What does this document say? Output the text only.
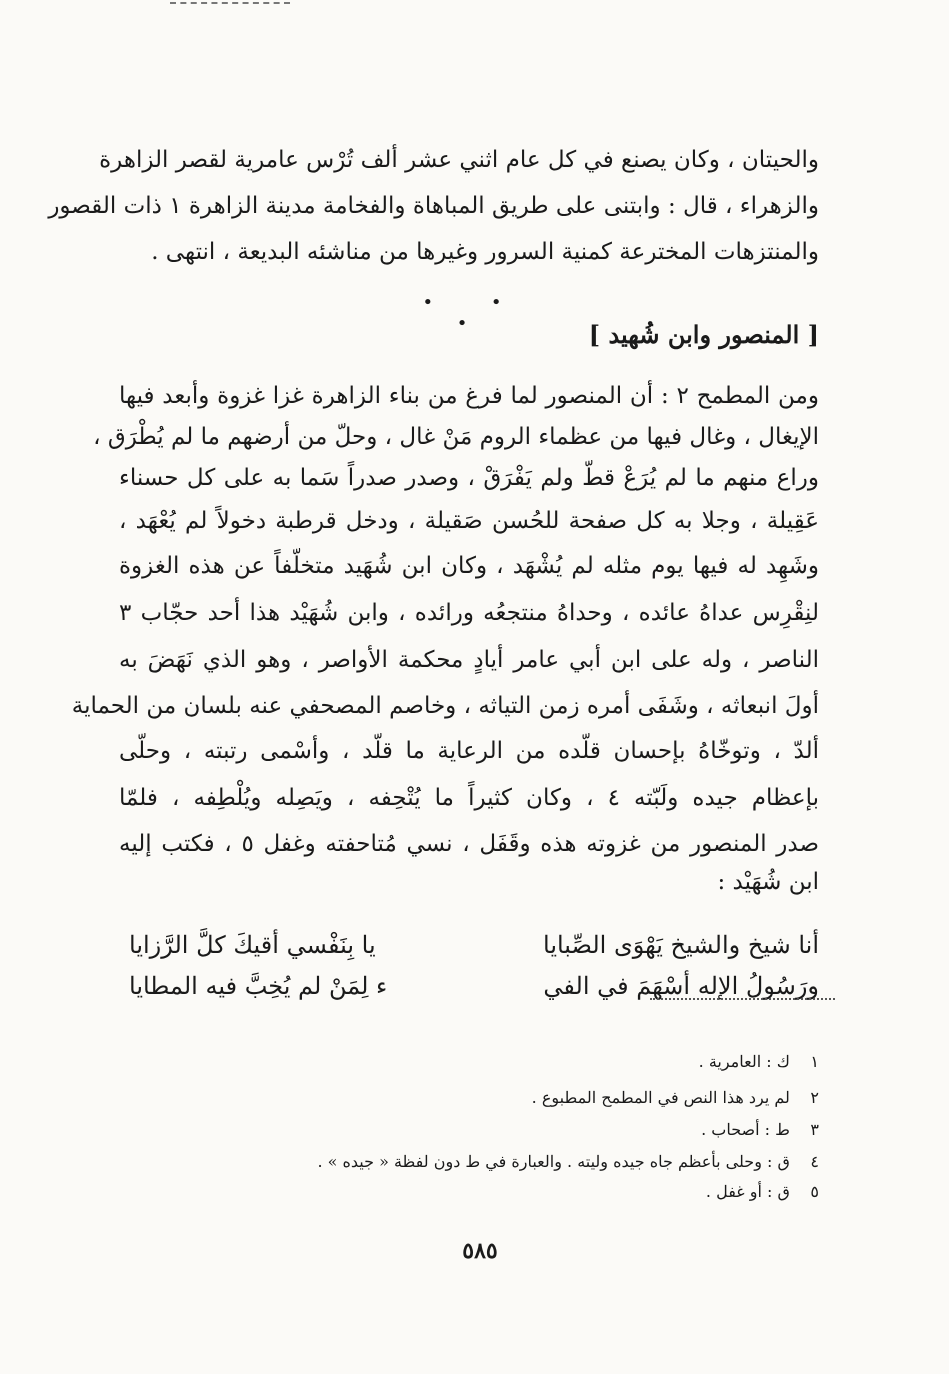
والحيتان ، وكان يصنع في كل عام اثني عشر ألف تُرْس عامرية لقصر الزاهرة
والزهراء ، قال : وابتنى على طريق المباهاة والفخامة مدينة الزاهرة ١ ذات القصور
والمنتزهات المخترعة كمنية السرور وغيرها من مناشئه البديعة ، انتهى .
• • •	[ المنصور وابن شُهيد ]
ومن المطمح ٢ : أن المنصور لما فرغ من بناء الزاهرة غزا غزوة وأبعد فيها
الإيغال ، وغال فيها من عظماء الروم مَنْ غال ، وحلّ من أرضهم ما لم يُطْرَق ،
وراع منهم ما لم يُرَعْ قطّ ولم يَفْرَقْ ، وصدر صدراً سَما به على كل حسناء
عَقِيلة ، وجلا به كل صفحة للحُسن صَقيلة ، ودخل قرطبة دخولاً لم يُعْهَد ،
وشَهِد له فيها يوم مثله لم يُشْهَد ، وكان ابن شُهَيد متخلّفاً عن هذه الغزوة
لنِقْرِس عداهُ عائده ، وحداهُ منتجعُه ورائده ، وابن شُهَيْد هذا أحد حجّاب ٣
الناصر ، وله على ابن أبي عامر أيادٍ محكمة الأواصر ، وهو الذي نَهَضَ به
أولَ انبعاثه ، وشَفَى أمره زمن التياثه ، وخاصم المصحفي عنه بلسان من الحماية
ألدّ ، وتوخّاهُ بإحسان قلّده من الرعاية ما قلّد ، وأسْمى رتبته ، وحلّى
بإعظام جيده ولَبّته ٤ ، وكان كثيراً ما يُتْحِفه ، ويَصِله ويُلْطِفه ، فلمّا
صدر المنصور من غزوته هذه وقَفَل ، نسي مُتاحفته وغفل ٥ ، فكتب إليه
ابن شُهَيْد :
أنا شيخ والشيخ يَهْوَى الصِّبايا
يا بِنَفْسي أقيكَ كلَّ الرَّزايا
ورَسُولُ الإله أسْهَمَ في الفي
ء لِمَنْ لم يُخِبَّ فيه المطايا
١ ك : العامرية .
٢ لم يرد هذا النص في المطمح المطبوع .
٣ ط : أصحاب .
٤ ق : وحلى بأعظم جاه جيده وليته . والعبارة في ط دون لفظة « جيده » .
٥ ق : أو غفل .
٥٨٥
